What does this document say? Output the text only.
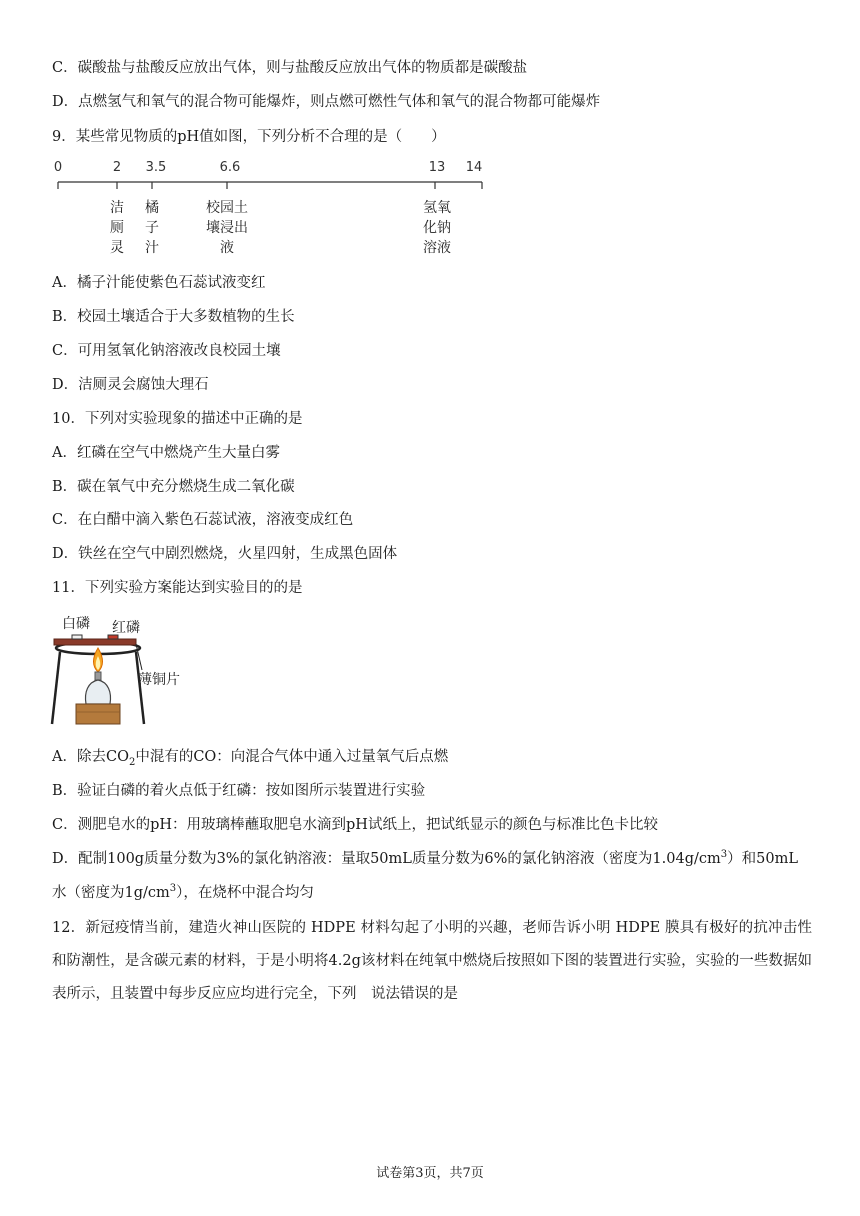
C．碳酸盐与盐酸反应放出气体，则与盐酸反应放出气体的物质都是碳酸盐
D．点燃氢气和氧气的混合物可能爆炸，则点燃可燃性气体和氧气的混合物都可能爆炸
9．某些常见物质的pH值如图，下列分析不合理的是（　　）
0	2 3.5	6.6	13 14
洁
厕
灵
橘
子
汁
校园土
壤浸出
液
氢氧
化钠
溶液
A．橘子汁能使紫色石蕊试液变红
B．校园土壤适合于大多数植物的生长
C．可用氢氧化钠溶液改良校园土壤
D．洁厕灵会腐蚀大理石
10．下列对实验现象的描述中正确的是
A．红磷在空气中燃烧产生大量白雾
B．碳在氧气中充分燃烧生成二氧化碳
C．在白醋中滴入紫色石蕊试液，溶液变成红色
D．铁丝在空气中剧烈燃烧，火星四射，生成黑色固体
11．下列实验方案能达到实验目的的是
白磷 红磷
薄铜片
A．除去$CO_2$中混有的CO：向混合气体中通入过量氧气后点燃
B．验证白磷的着火点低于红磷：按如图所示装置进行实验
C．测肥皂水的pH：用玻璃棒蘸取肥皂水滴到pH试纸上，把试纸显示的颜色与标准比色卡比较
D．配制100g质量分数为3%的氯化钠溶液：量取50mL质量分数为6%的氯化钠溶液（密度为$1.04g/cm^3$）和50mL
水（密度为$1g/cm^3$），在烧杯中混合均匀
12．新冠疫情当前，建造火神山医院的 HDPE 材料勾起了小明的兴趣，老师告诉小明 HDPE 膜具有极好的抗冲击性和防潮性，是含碳元素的材料，于是小明将4.2g该材料在纯氧中燃烧后按照如下图的装置进行实验，实验的一些数据如表所示，且装置中每步反应应均进行完全，下列　说法错误的是
试卷第3页，共7页
